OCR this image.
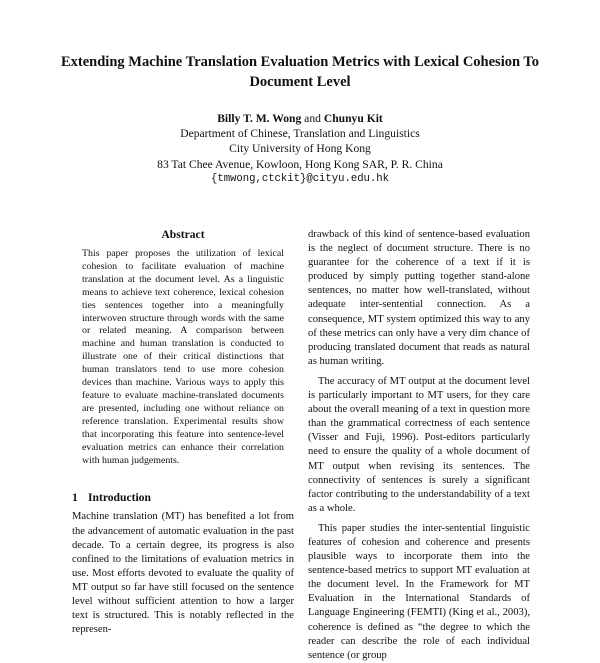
Extending Machine Translation Evaluation Metrics with Lexical Cohesion To Document Level
Billy T. M. Wong and Chunyu Kit
Department of Chinese, Translation and Linguistics
City University of Hong Kong
83 Tat Chee Avenue, Kowloon, Hong Kong SAR, P. R. China
{tmwong,ctckit}@cityu.edu.hk
Abstract
This paper proposes the utilization of lexical cohesion to facilitate evaluation of machine translation at the document level. As a linguistic means to achieve text coherence, lexical cohesion ties sentences together into a meaningfully interwoven structure through words with the same or related meaning. A comparison between machine and human translation is conducted to illustrate one of their critical distinctions that human translators tend to use more cohesion devices than machine. Various ways to apply this feature to evaluate machine-translated documents are presented, including one without reliance on reference translation. Experimental results show that incorporating this feature into sentence-level evaluation metrics can enhance their correlation with human judgements.
1 Introduction

Machine translation (MT) has benefited a lot from the advancement of automatic evaluation in the past decade. To a certain degree, its progress is also confined to the limitations of evaluation metrics in use. Most efforts devoted to evaluate the quality of MT output so far have still focused on the sentence level without sufficient attention to how a larger text is structured. This is notably reflected in the represen-

drawback of this kind of sentence-based evaluation is the neglect of document structure. There is no guarantee for the coherence of a text if it is produced by simply putting together stand-alone sentences, no matter how well-translated, without adequate inter-sentential connection. As a consequence, MT system optimized this way to any of these metrics can only have a very dim chance of producing translated document that reads as natural as human writing.

The accuracy of MT output at the document level is particularly important to MT users, for they care about the overall meaning of a text in question more than the grammatical correctness of each sentence (Visser and Fuji, 1996). Post-editors particularly need to ensure the quality of a whole document of MT output when revising its sentences. The connectivity of sentences is surely a significant factor contributing to the understandability of a text as a whole.

This paper studies the inter-sentential linguistic features of cohesion and coherence and presents plausible ways to incorporate them into the sentence-based metrics to support MT evaluation at the document level. In the Framework for MT Evaluation in the International Standards of Language Engineering (FEMTI) (King et al., 2003), coherence is defined as “the degree to which the reader can describe the role of each individual sentence (or group
